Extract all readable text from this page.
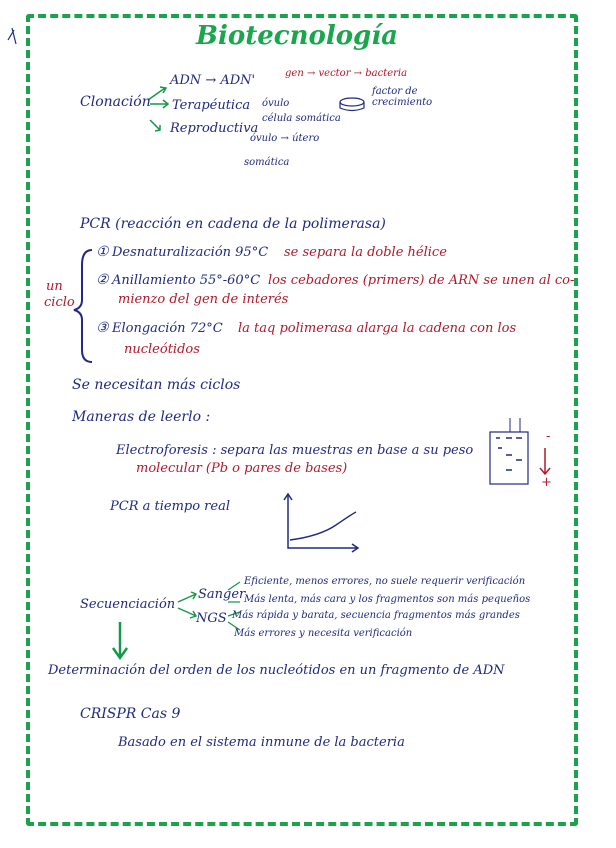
Biotecnología
Clonación
ADN → ADN'
Terapéutica
Reproductiva
gen → vector → bacteria
factor de crecimiento
óvulo
célula somática
óvulo → útero
somática
PCR (reacción en cadena de la polimerasa)
un
ciclo
① Desnaturalización 95°C se separa la doble hélice
② Anillamiento 55°-60°C los cebadores (primers) de ARN se unen al co-
mienzo del gen de interés
③ Elongación 72°C la taq polimerasa alarga la cadena con los
nucleótidos
Se necesitan más ciclos
Maneras de leerlo :
Electroforesis : separa las muestras en base a su peso
molecular (Pb o pares de bases)
-
+
PCR a tiempo real
Secuenciación
Sanger
NGS
Eficiente, menos errores, no suele requerir verificación
Más lenta, más cara y los fragmentos son más pequeños
Más rápida y barata, secuencia fragmentos más grandes
Más errores y necesita verificación
Determinación del orden de los nucleótidos en un fragmento de ADN
CRISPR Cas 9
Basado en el sistema inmune de la bacteria
